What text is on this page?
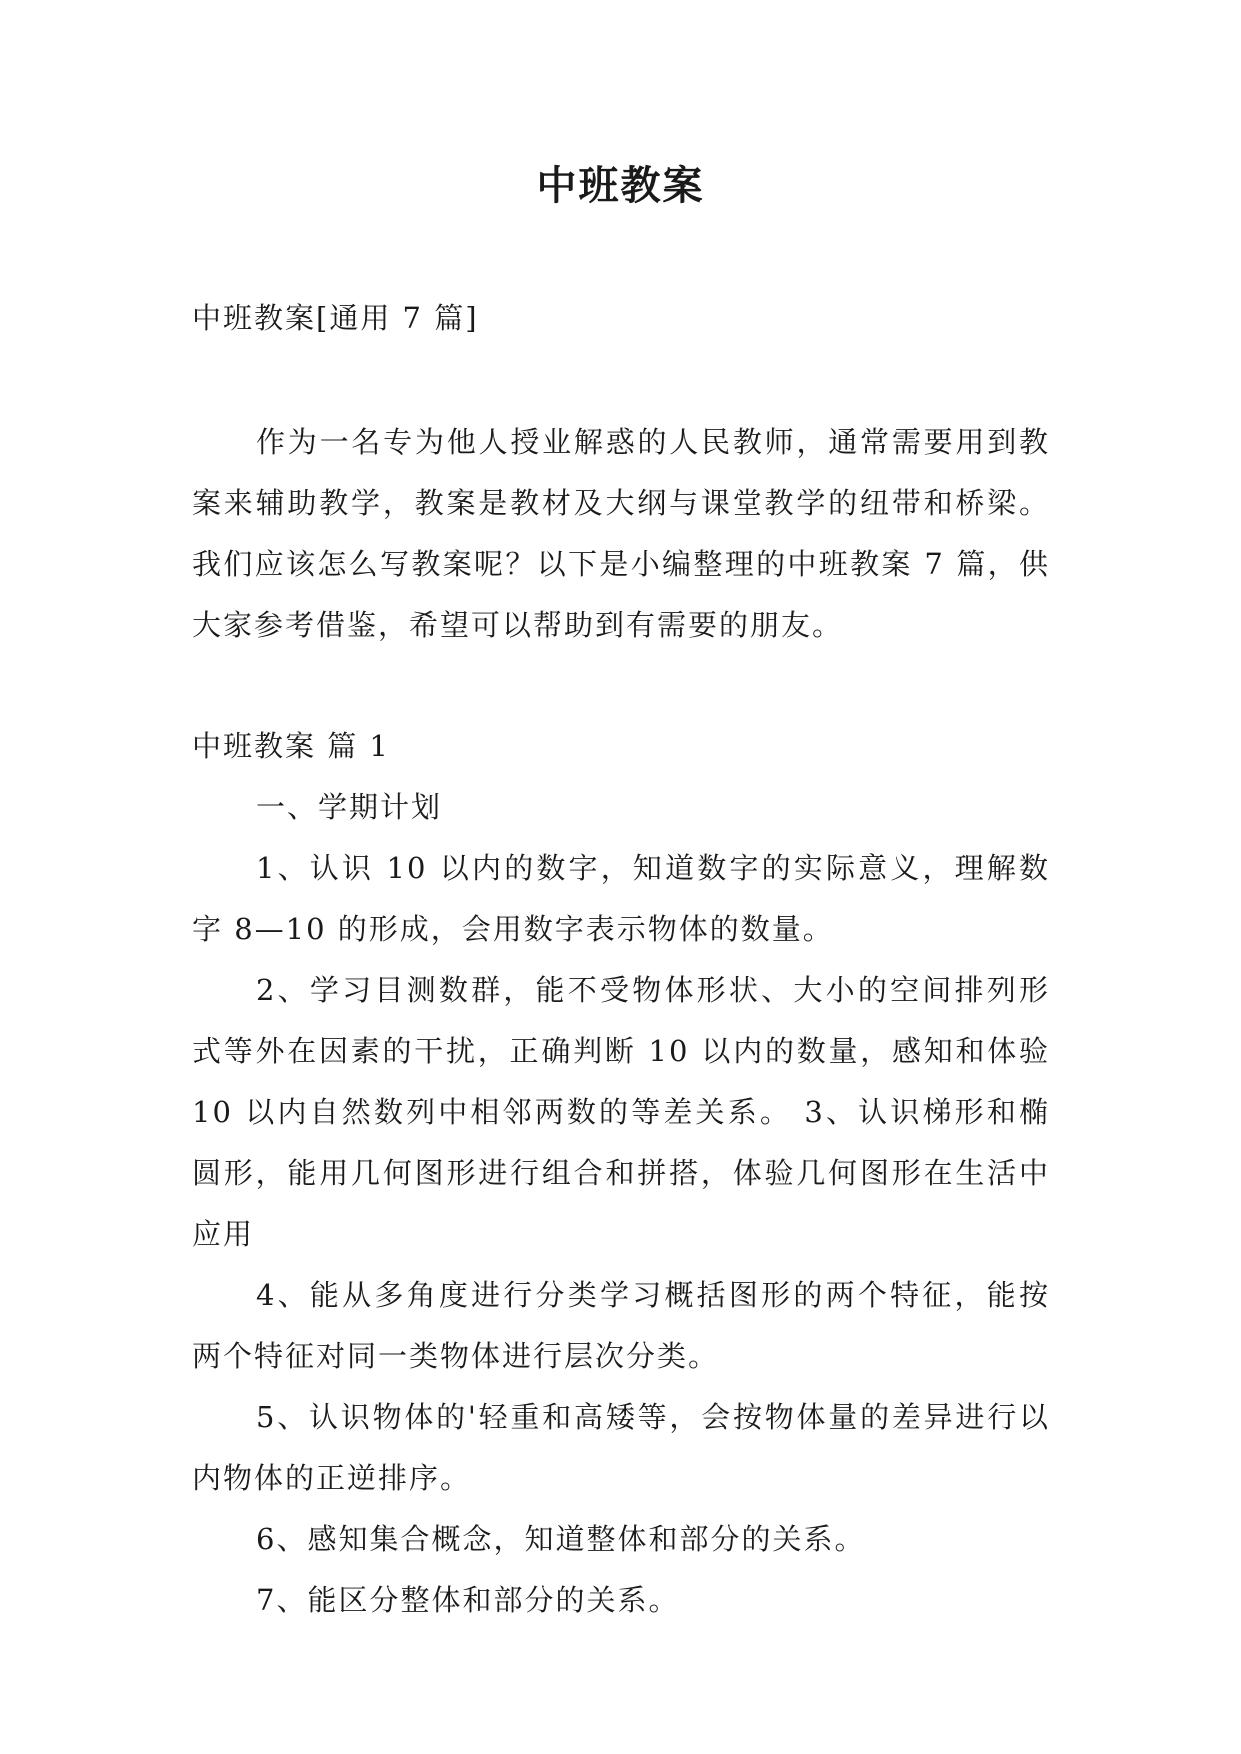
中班教案

中班教案[通用 7 篇]

作为一名专为他人授业解惑的人民教师，通常需要用到教案来辅助教学，教案是教材及大纲与课堂教学的纽带和桥梁。我们应该怎么写教案呢？以下是小编整理的中班教案 7 篇，供大家参考借鉴，希望可以帮助到有需要的朋友。

中班教案 篇 1

一、学期计划

1、认识 10 以内的数字，知道数字的实际意义，理解数字 8—10 的形成，会用数字表示物体的数量。

2、学习目测数群，能不受物体形状、大小的空间排列形式等外在因素的干扰，正确判断 10 以内的数量，感知和体验 10 以内自然数列中相邻两数的等差关系。 3、认识梯形和椭圆形，能用几何图形进行组合和拼搭，体验几何图形在生活中应用

4、能从多角度进行分类学习概括图形的两个特征，能按两个特征对同一类物体进行层次分类。

5、认识物体的'轻重和高矮等，会按物体量的差异进行以内物体的正逆排序。

6、感知集合概念，知道整体和部分的关系。

7、能区分整体和部分的关系。
